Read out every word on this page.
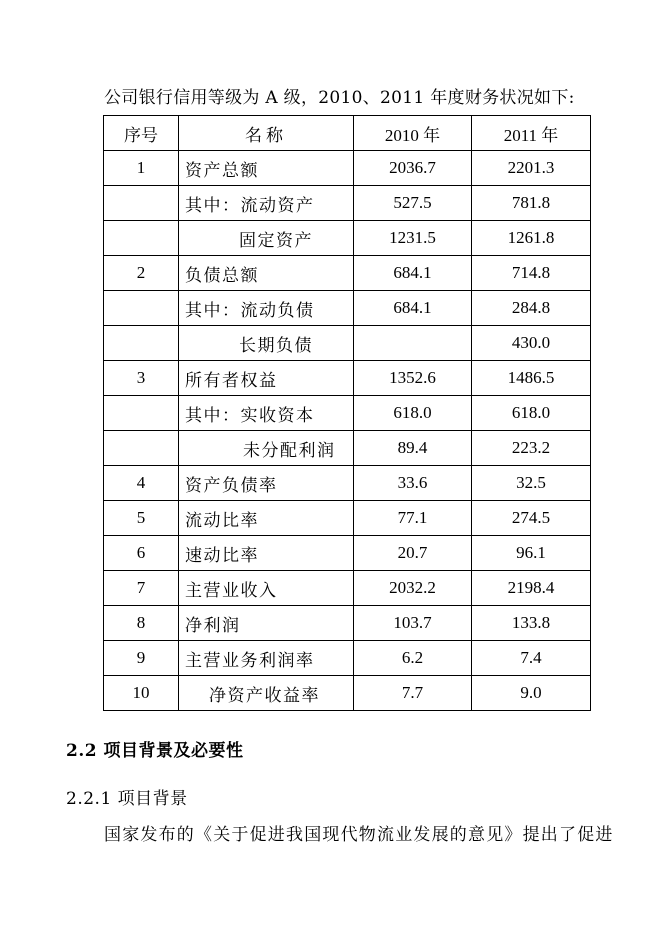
公司银行信用等级为 A 级，2010、2011 年度财务状况如下:
序号	名称	2010 年	2011 年
1	资产总额	2036.7	2201.3
	其中：流动资产	527.5	781.8
	固定资产	1231.5	1261.8
2	负债总额	684.1	714.8
	其中：流动负债	684.1	284.8
	长期负债		430.0
3	所有者权益	1352.6	1486.5
	其中：实收资本	618.0	618.0
	未分配利润	89.4	223.2
4	资产负债率	33.6	32.5
5	流动比率	77.1	274.5
6	速动比率	20.7	96.1
7	主营业收入	2032.2	2198.4
8	净利润	103.7	133.8
9	主营业务利润率	6.2	7.4
10	净资产收益率	7.7	9.0
2.2 项目背景及必要性
2.2.1 项目背景
国家发布的《关于促进我国现代物流业发展的意见》提出了促进
